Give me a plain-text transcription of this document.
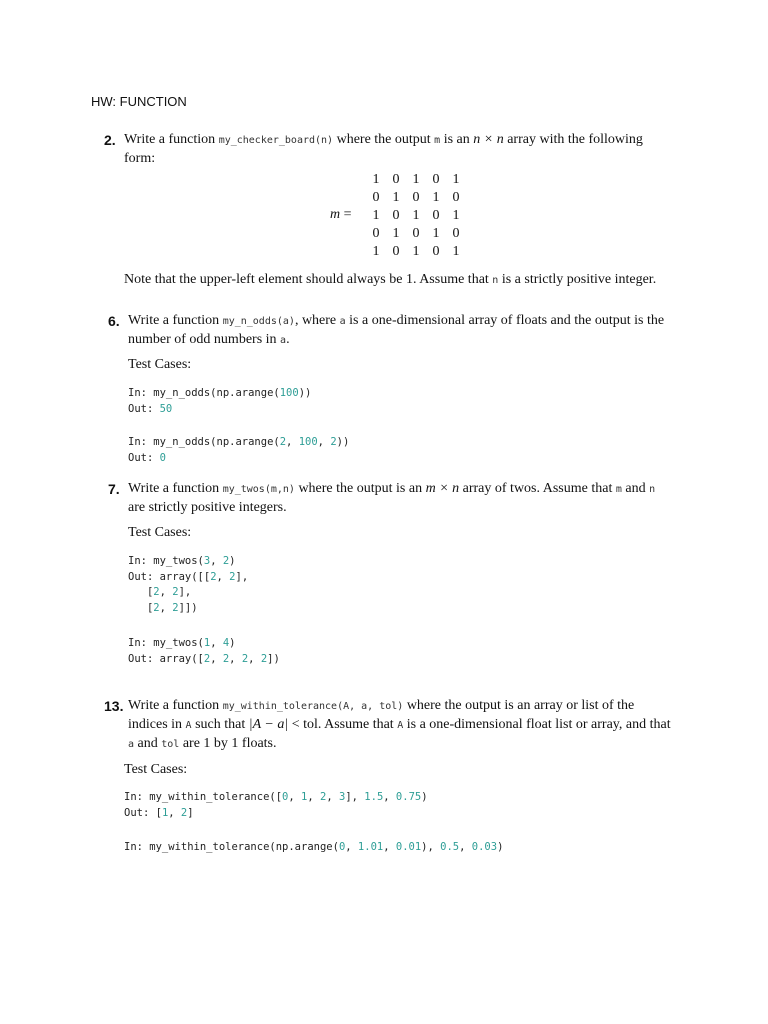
HW: FUNCTION
2. Write a function my_checker_board(n) where the output m is an n × n array with the following
form:
m =
1 0 1 0 1
0 1 0 1 0
1 0 1 0 1
0 1 0 1 0
1 0 1 0 1
Note that the upper-left element should always be 1. Assume that n is a strictly positive integer.
6. Write a function my_n_odds(a), where a is a one-dimensional array of floats and the output is the
number of odd numbers in a.
Test Cases:
In: my_n_odds(np.arange(100))
Out: 50
In: my_n_odds(np.arange(2, 100, 2))
Out: 0
7. Write a function my_twos(m,n) where the output is an m × n array of twos. Assume that m and n
are strictly positive integers.
Test Cases:
In: my_twos(3, 2)
Out: array([[2, 2],
[2, 2],
[2, 2]])
In: my_twos(1, 4)
Out: array([2, 2, 2, 2])
13. Write a function my_within_tolerance(A, a, tol) where the output is an array or list of the
indices in A such that |A − a| < tol. Assume that A is a one-dimensional float list or array, and that
a and tol are 1 by 1 floats.
Test Cases:
In: my_within_tolerance([0, 1, 2, 3], 1.5, 0.75)
Out: [1, 2]
In: my_within_tolerance(np.arange(0, 1.01, 0.01), 0.5, 0.03)
